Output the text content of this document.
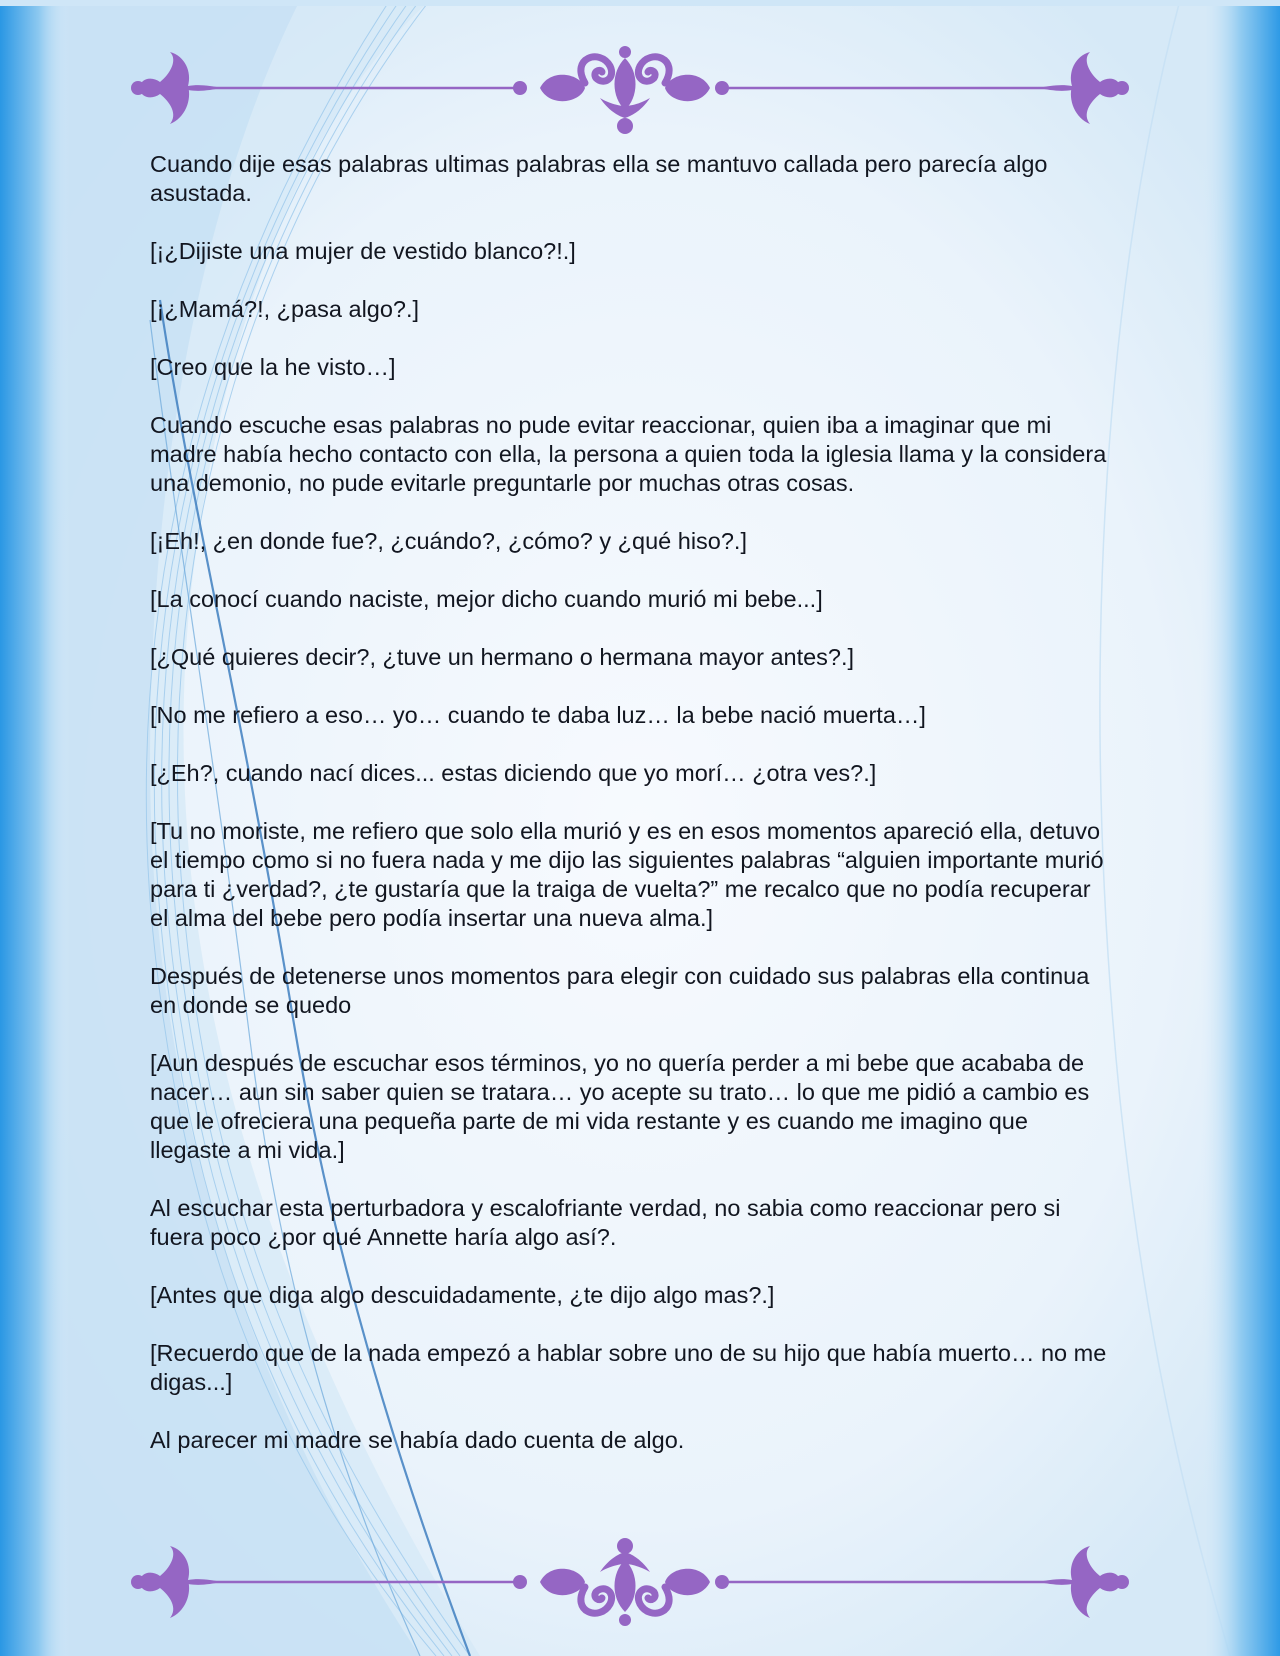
Cuando dije esas palabras ultimas palabras ella se mantuvo callada pero parecía algo asustada.

[¡¿Dijiste una mujer de vestido blanco?!.]

[¡¿Mamá?!, ¿pasa algo?.]

[Creo que la he visto…]

Cuando escuche esas palabras no pude evitar reaccionar, quien iba a imaginar que mi madre había hecho contacto con ella, la persona a quien toda la iglesia llama y la considera una demonio, no pude evitarle preguntarle por muchas otras cosas.

[¡Eh!, ¿en donde fue?, ¿cuándo?, ¿cómo? y ¿qué hiso?.]

[La conocí cuando naciste, mejor dicho cuando murió mi bebe...]

[¿Qué quieres decir?, ¿tuve un hermano o hermana mayor antes?.]

[No me refiero a eso… yo… cuando te daba luz… la bebe nació muerta…]

[¿Eh?, cuando nací dices... estas diciendo que yo morí… ¿otra ves?.]

[Tu no moriste, me refiero que solo ella murió y es en esos momentos apareció ella, detuvo el tiempo como si no fuera nada y me dijo las siguientes palabras “alguien importante murió para ti ¿verdad?, ¿te gustaría que la traiga de vuelta?” me recalco que no podía recuperar el alma del bebe pero podía insertar una nueva alma.]

Después de detenerse unos momentos para elegir con cuidado sus palabras ella continua en donde se quedo

[Aun después de escuchar esos términos, yo no quería perder a mi bebe que acababa de nacer… aun sin saber quien se tratara… yo acepte su trato… lo que me pidió a cambio es que le ofreciera una pequeña parte de mi vida restante y es cuando me imagino que llegaste a mi vida.]

Al escuchar esta perturbadora y escalofriante verdad, no sabia como reaccionar pero si fuera poco ¿por qué Annette haría algo así?.

[Antes que diga algo descuidadamente, ¿te dijo algo mas?.]

[Recuerdo que de la nada empezó a hablar sobre uno de su hijo que había muerto… no me digas...]

Al parecer mi madre se había dado cuenta de algo.
